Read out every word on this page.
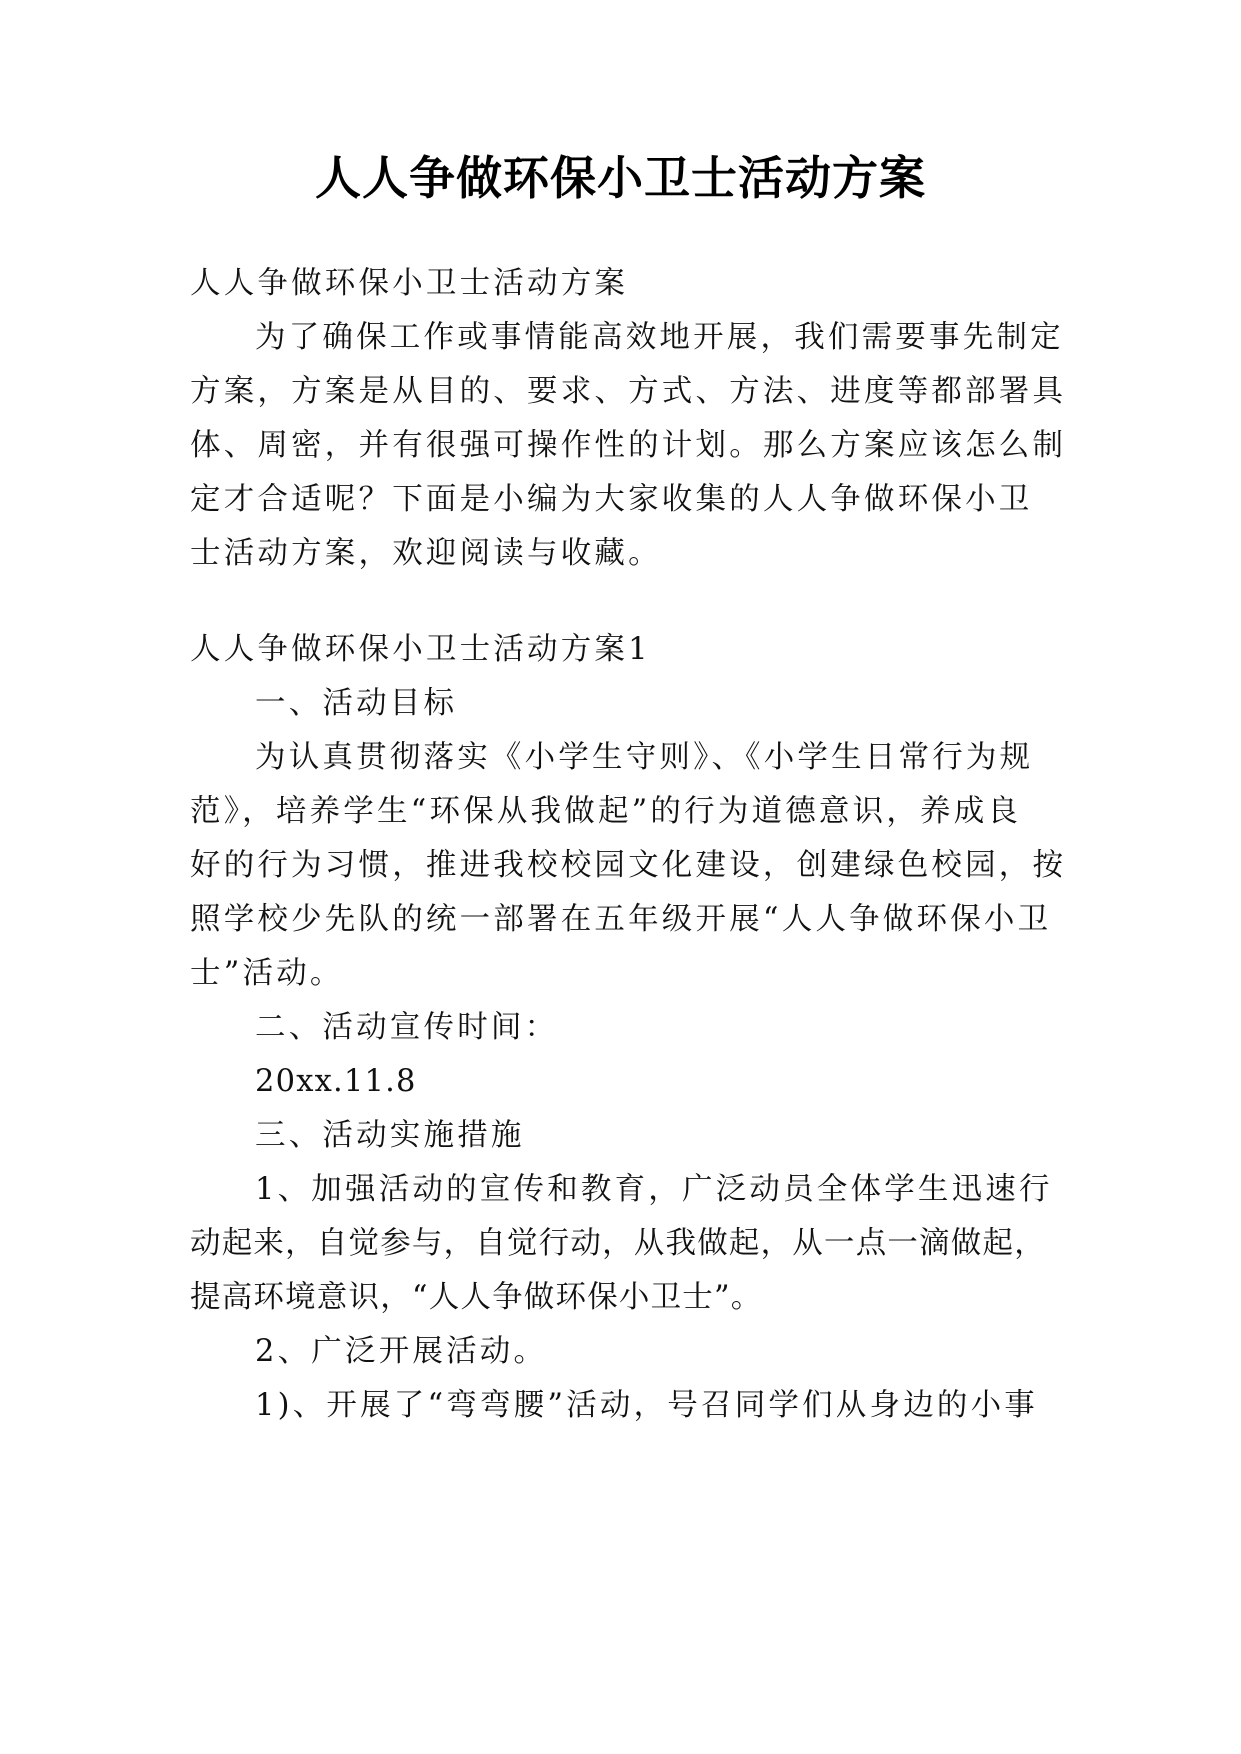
人人争做环保小卫士活动方案
人人争做环保小卫士活动方案
为了确保工作或事情能高效地开展，我们需要事先制定
方案，方案是从目的、要求、方式、方法、进度等都部署具
体、周密，并有很强可操作性的计划。那么方案应该怎么制
定才合适呢？下面是小编为大家收集的人人争做环保小卫
士活动方案，欢迎阅读与收藏。
人人争做环保小卫士活动方案1
一、活动目标
为认真贯彻落实《小学生守则》、《小学生日常行为规
范》，培养学生“环保从我做起”的行为道德意识，养成良
好的行为习惯，推进我校校园文化建设，创建绿色校园，按
照学校少先队的统一部署在五年级开展“人人争做环保小卫
士”活动。
二、活动宣传时间：
20xx.11.8
三、活动实施措施
1、加强活动的宣传和教育，广泛动员全体学生迅速行
动起来，自觉参与，自觉行动，从我做起，从一点一滴做起，
提高环境意识，“人人争做环保小卫士”。
2、广泛开展活动。
1)、开展了“弯弯腰”活动，号召同学们从身边的小事
